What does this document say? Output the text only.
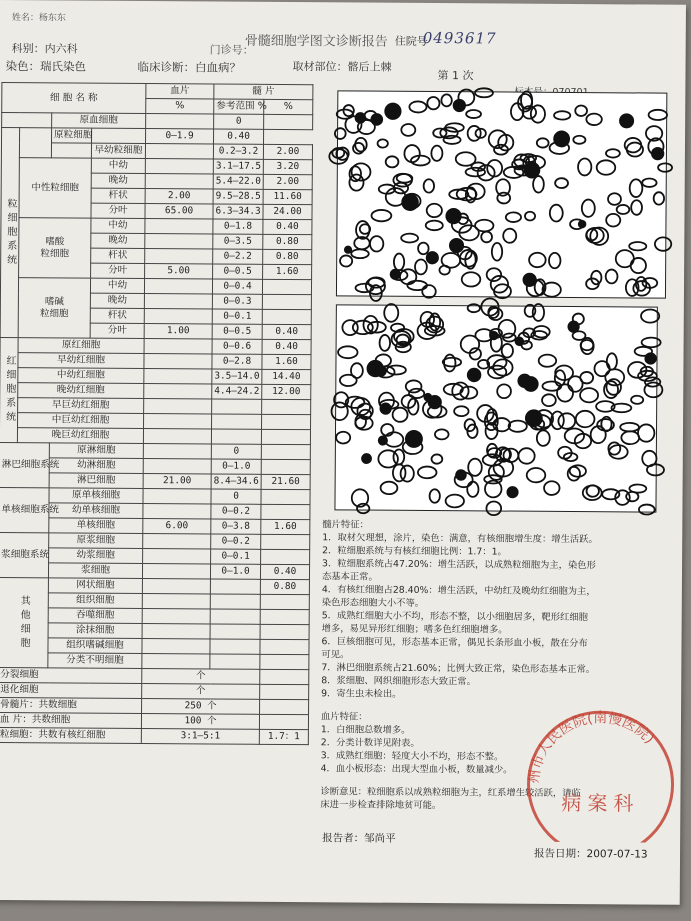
姓名：杨东东
科别：内六科	门诊号：
骨髓细胞学图文诊断报告
染色：瑞氏染色	临床诊断：白血病？	取材部位：髂后上棘
住院号
0493617
第 1 次
细 胞 名 称				血片	髓 片	
				%	参考范围 %	%
		原血细胞			0	
粒细胞系统		原粒细胞		0—1.9	0.40	
			早幼粒细胞		0.2—3.2	2.00
	中性粒细胞		中幼		3.1—17.5	3.20
			晚幼		5.4—22.0	2.00
			杆状	2.00	9.5—28.5	11.60
			分叶	65.00	6.3—34.3	24.00
	嗜酸
粒细胞		中幼		0—1.8	0.40
			晚幼		0—3.5	0.80
			杆状		0—2.2	0.80
			分叶	5.00	0—0.5	1.60
	嗜碱
粒细胞		中幼		0—0.4	
			晚幼		0—0.3	
			杆状		0—0.1	
			分叶	1.00	0—0.5	0.40
红细胞系统	原红细胞				0—0.6	0.40
	早幼红细胞				0—2.8	1.60
	中幼红细胞				3.5—14.0	14.40
	晚幼红细胞				4.4—24.2	12.00
	早巨幼红细胞					
	中巨幼红细胞					
	晚巨幼红细胞					
淋巴细胞系统		原淋细胞			0	
		幼淋细胞			0—1.0	
		淋巴细胞		21.00	8.4—34.6	21.60
单核细胞系统		原单核细胞			0	
		幼单核细胞			0—0.2	
		单核细胞		6.00	0—3.8	1.60
浆细胞系统		原浆细胞			0—0.2	
		幼浆细胞			0—0.1	
		浆细胞			0—1.0	0.40
其他细胞		网状细胞				0.80
		组织细胞				
		吞噬细胞				
		涂抹细胞				
		组织嗜碱细胞				
		分类不明细胞				
分裂细胞				个		
退化细胞				个		
骨髓片：共数细胞				250 个		
血 片：共数细胞				100 个		
粒细胞：共数有核红细胞				3:1—5:1		1.7：1

髓片特征：

1．取材欠理想，涂片，染色：满意，有核细胞增生度：增生活跃。

2．粒细胞系统与有核红细胞比例：1.7：1。

3．粒细胞系统占47.20%：增生活跃，以成熟粒细胞为主，染色形

态基本正常。

4．有核红细胞占28.40%：增生活跃，中幼红及晚幼红细胞为主，

染色形态细胞大小不等。

5．成熟红细胞大小不均，形态不整，以小细胞居多，靶形红细胞

增多，易见异形红细胞；嗜多色红细胞增多。

6．巨核细胞可见，形态基本正常，偶见长条形血小板，散在分布

可见。

7．淋巴细胞系统占21.60%；比例大致正常，染色形态基本正常。

8．浆细胞、网织细胞形态大致正常。

9．寄生虫未检出。

血片特征：

1．白细胞总数增多。

2．分类计数详见附表。

3．成熟红细胞：轻度大小不均，形态不整。

4．血小板形态：出现大型血小板，数量减少。

诊断意见：粒细胞系以成熟粒细胞为主，红系增生较活跃，请临

床进一步检查排除地贫可能。

州市人民医院(南慢医院)
病案科
报告者：邹尚平
报告日期：2007-07-13
